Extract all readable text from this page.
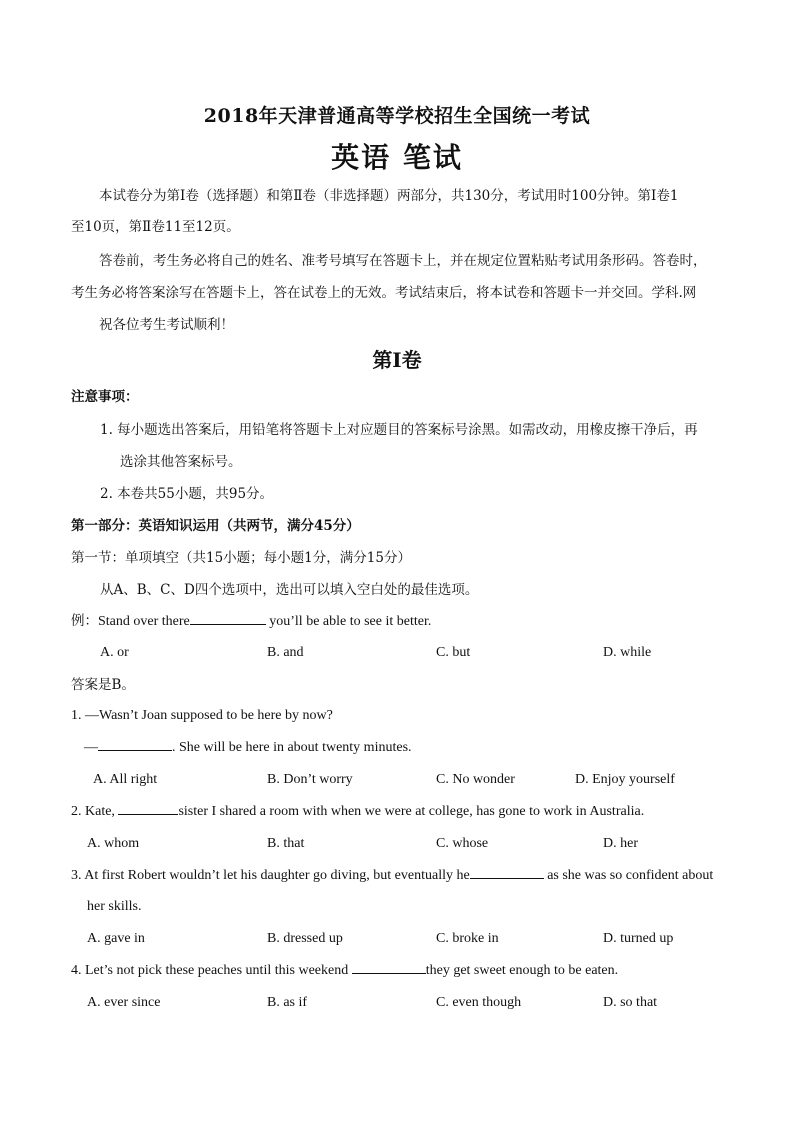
2018年天津普通高等学校招生全国统一考试
英语 笔试
本试卷分为第Ⅰ卷（选择题）和第Ⅱ卷（非选择题）两部分，共130分，考试用时100分钟。第Ⅰ卷1
至10页，第Ⅱ卷11至12页。
答卷前，考生务必将自己的姓名、准考号填写在答题卡上，并在规定位置粘贴考试用条形码。答卷时，
考生务必将答案涂写在答题卡上，答在试卷上的无效。考试结束后，将本试卷和答题卡一并交回。学科.网
祝各位考生考试顺利！
第Ⅰ卷
注意事项：
1. 每小题选出答案后，用铅笔将答题卡上对应题目的答案标号涂黑。如需改动，用橡皮擦干净后，再
选涂其他答案标号。
2. 本卷共55小题，共95分。
第一部分：英语知识运用（共两节，满分45分）
第一节：单项填空（共15小题；每小题1分，满分15分）
从A、B、C、D四个选项中，选出可以填入空白处的最佳选项。
例：Stand over there	you’ll be able to see it better.
A. or	B. and	C. but	D. while
答案是B。
1. —Wasn’t Joan supposed to be here by now?
—	. She will be here in about twenty minutes.
A. All right	B. Don’t worry	C. No wonder	D. Enjoy yourself
2. Kate,	sister I shared a room with when we were at college, has gone to work in Australia.
A. whom	B. that	C. whose	D. her
3. At first Robert wouldn’t let his daughter go diving, but eventually he	as she was so confident about
her skills.
A. gave in	B. dressed up	C. broke in	D. turned up
4. Let’s not pick these peaches until this weekend	they get sweet enough to be eaten.
A. ever since	B. as if	C. even though	D. so that
